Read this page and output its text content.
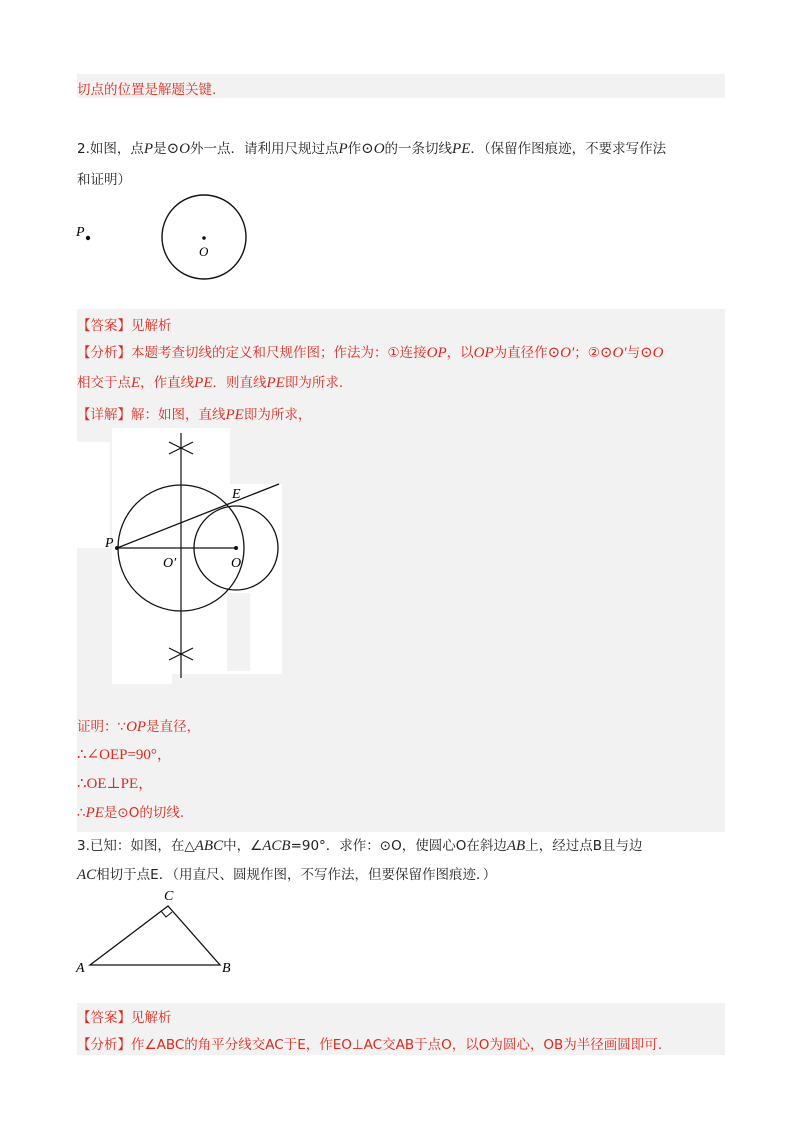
切点的位置是解题关键.
2.如图，点P是⊙O外一点．请利用尺规过点P作⊙O的一条切线PE．（保留作图痕迹，不要求写作法
和证明）
P
O
【答案】见解析
【分析】本题考查切线的定义和尺规作图；作法为：①连接OP，以OP为直径作⊙O′；②⊙O′与⊙O
相交于点E，作直线PE．则直线PE即为所求.
【详解】解：如图，直线PE即为所求，
E
P
O′	O
证明：∵OP是直径，
∴∠OEP=90°，
∴OE⊥PE，
∴PE是⊙O的切线.
3.已知：如图，在△ABC中，∠ACB=90°．求作：⊙O，使圆心O在斜边AB上，经过点B且与边
AC相切于点E．（用直尺、圆规作图，不写作法，但要保留作图痕迹．）
A	B
C
【答案】见解析
【分析】作∠ABC的角平分线交AC于E，作EO⊥AC交AB于点O，以O为圆心，OB为半径画圆即可.
